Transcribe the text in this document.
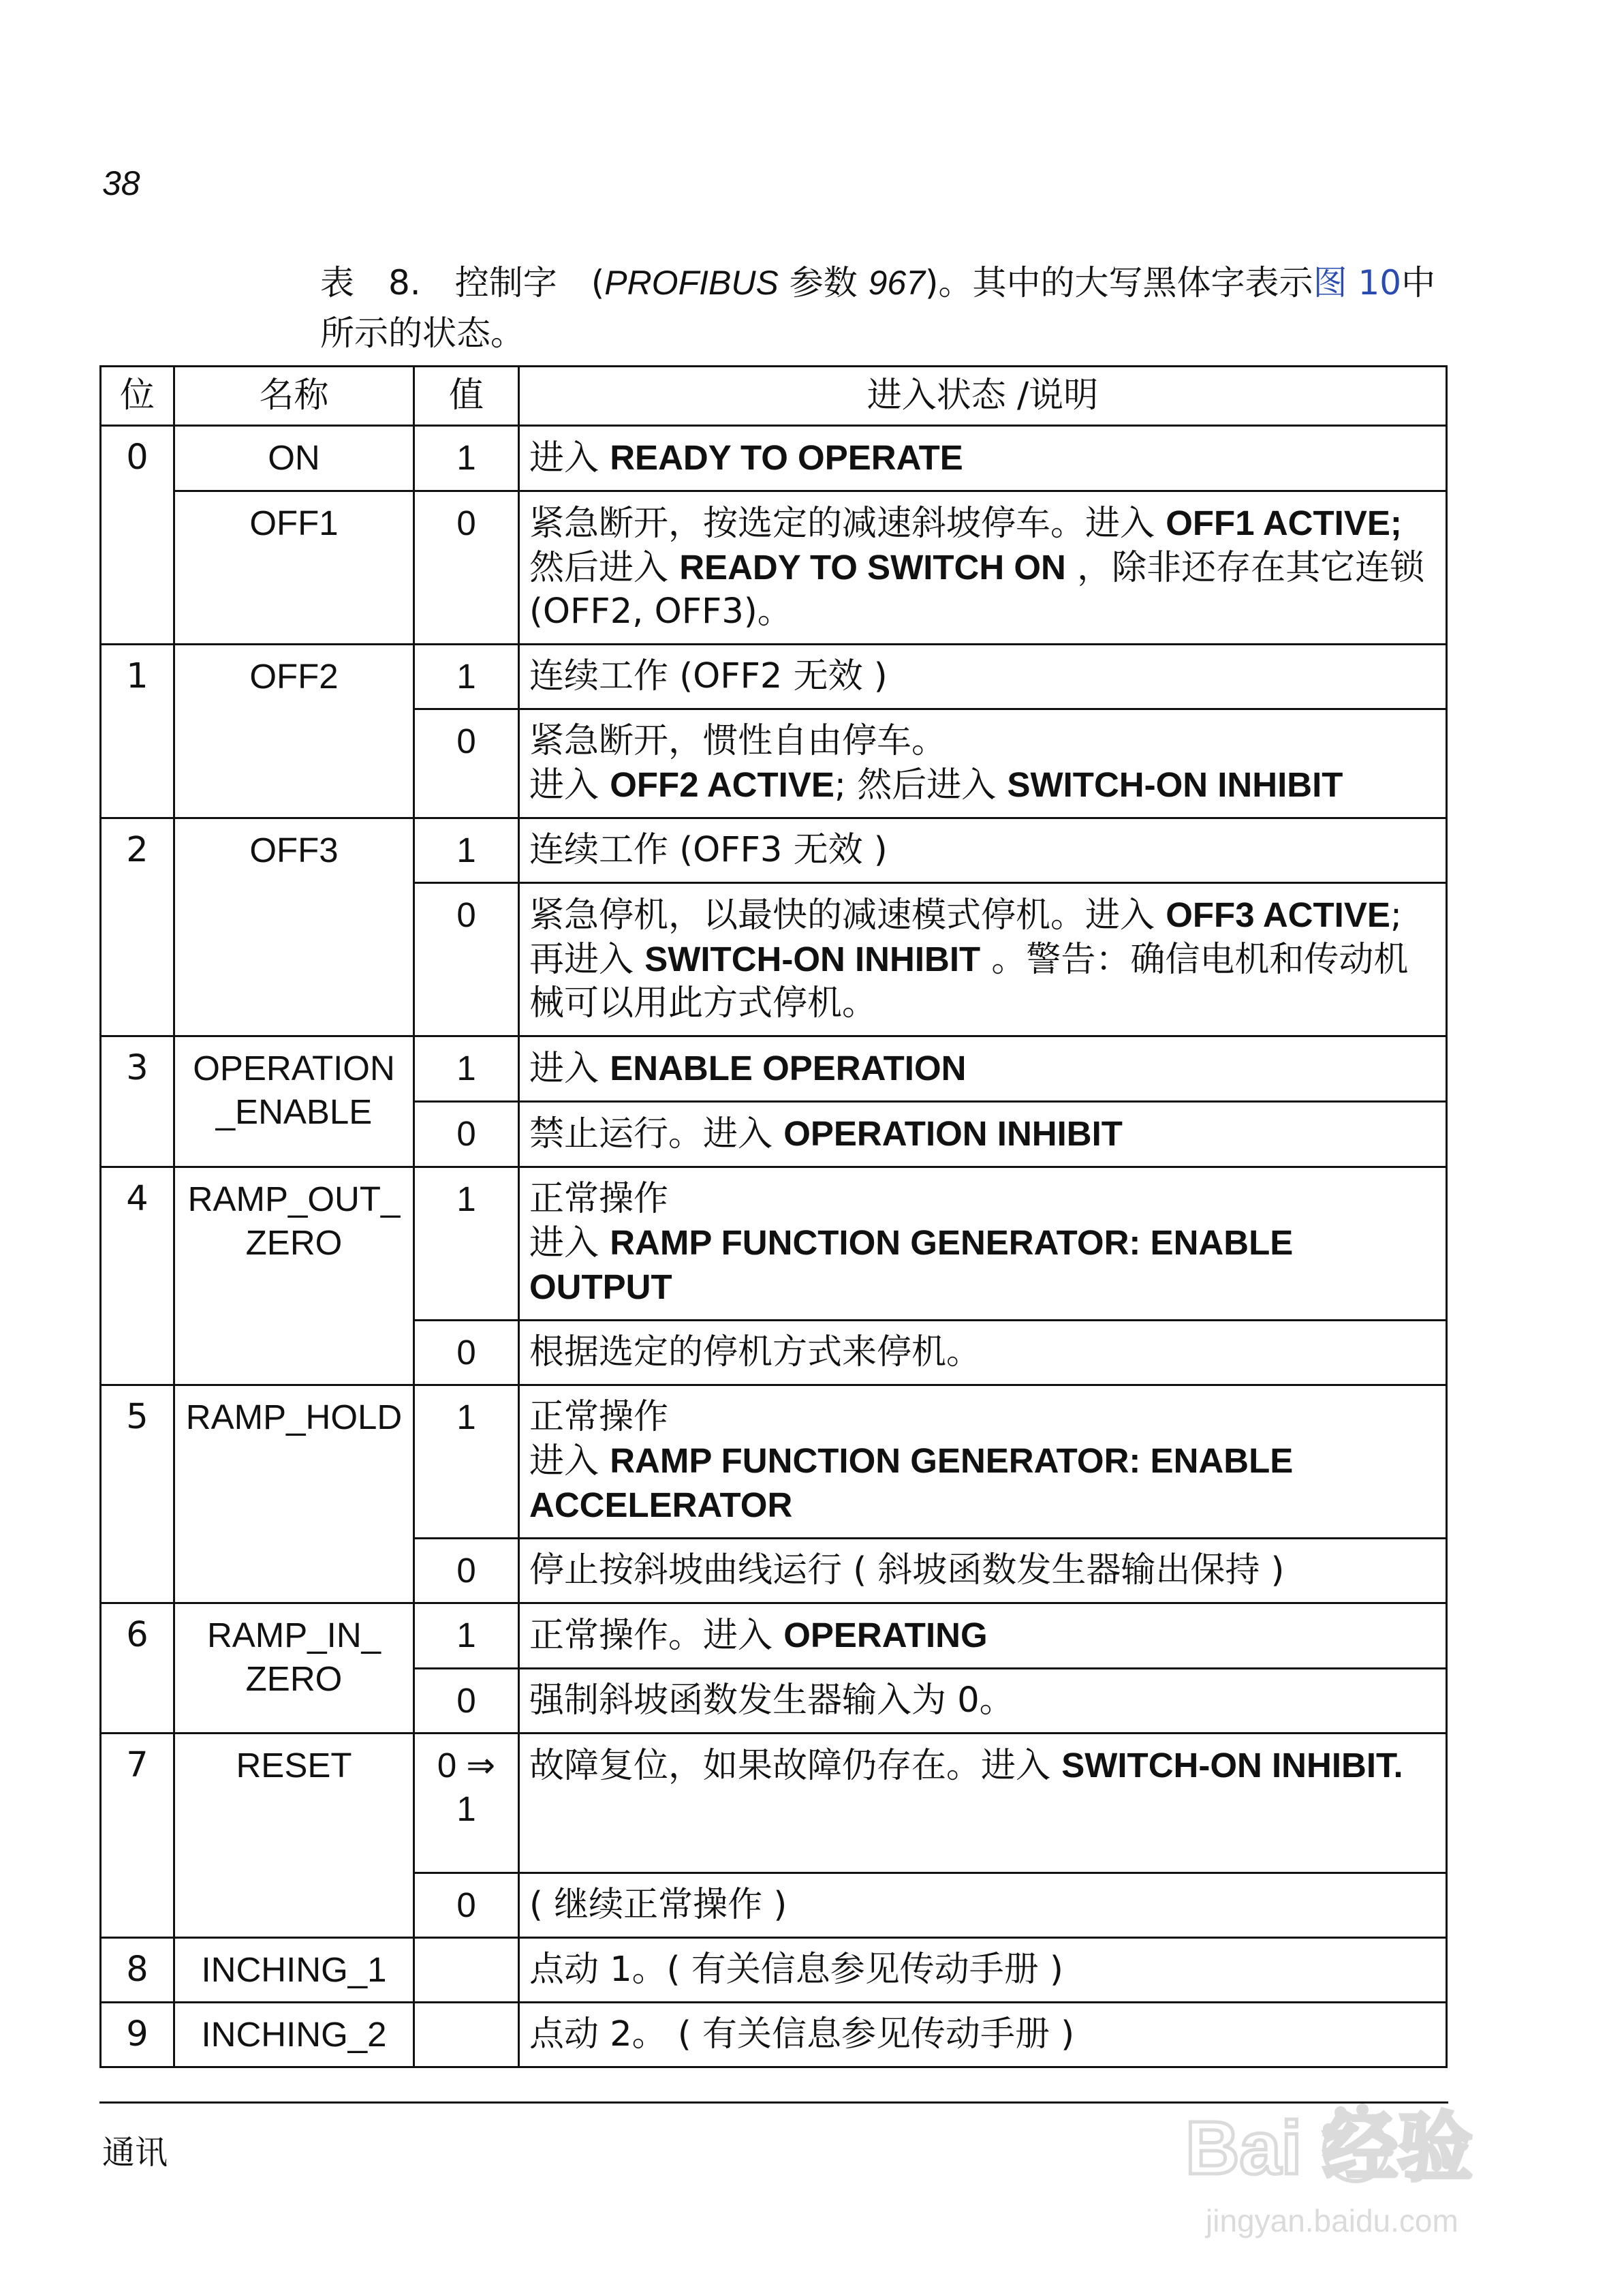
38
表　8.　控制字　(PROFIBUS 参数 967)。其中的大写黑体字表示图 10中所示的状态。
位	名称	值	进入状态 /说明
0	ON	1	进入 READY TO OPERATE
	OFF1	0	紧急断开，按选定的减速斜坡停车。进入 OFF1 ACTIVE; 然后进入 READY TO SWITCH ON ，除非还存在其它连锁 (OFF2, OFF3)。
1	OFF2	1	连续工作 (OFF2 无效 )
		0	紧急断开，惯性自由停车。
进入 OFF2 ACTIVE; 然后进入 SWITCH-ON INHIBIT
2	OFF3	1	连续工作 (OFF3 无效 )
		0	紧急停机，以最快的减速模式停机。进入 OFF3 ACTIVE; 再进入 SWITCH-ON INHIBIT 。警告：确信电机和传动机械可以用此方式停机。
3	OPERATION _ENABLE	1	进入 ENABLE OPERATION
		0	禁止运行。进入 OPERATION INHIBIT
4	RAMP_OUT_ ZERO	1	正常操作
进入 RAMP FUNCTION GENERATOR: ENABLE OUTPUT
		0	根据选定的停机方式来停机。
5	RAMP_HOLD	1	正常操作
进入 RAMP FUNCTION GENERATOR: ENABLE ACCELERATOR
		0	停止按斜坡曲线运行 ( 斜坡函数发生器输出保持 )
6	RAMP_IN_ ZERO	1	正常操作。进入 OPERATING
		0	强制斜坡函数发生器输入为 0。
7	RESET	0 ⇒ 1	故障复位，如果故障仍存在。进入 SWITCH-ON INHIBIT.
		0	( 继续正常操作 )
8	INCHING_1		点动 1。( 有关信息参见传动手册 )
9	INCHING_2		点动 2。 ( 有关信息参见传动手册 )
通讯	Bai 经验
jingyan.baidu.com
